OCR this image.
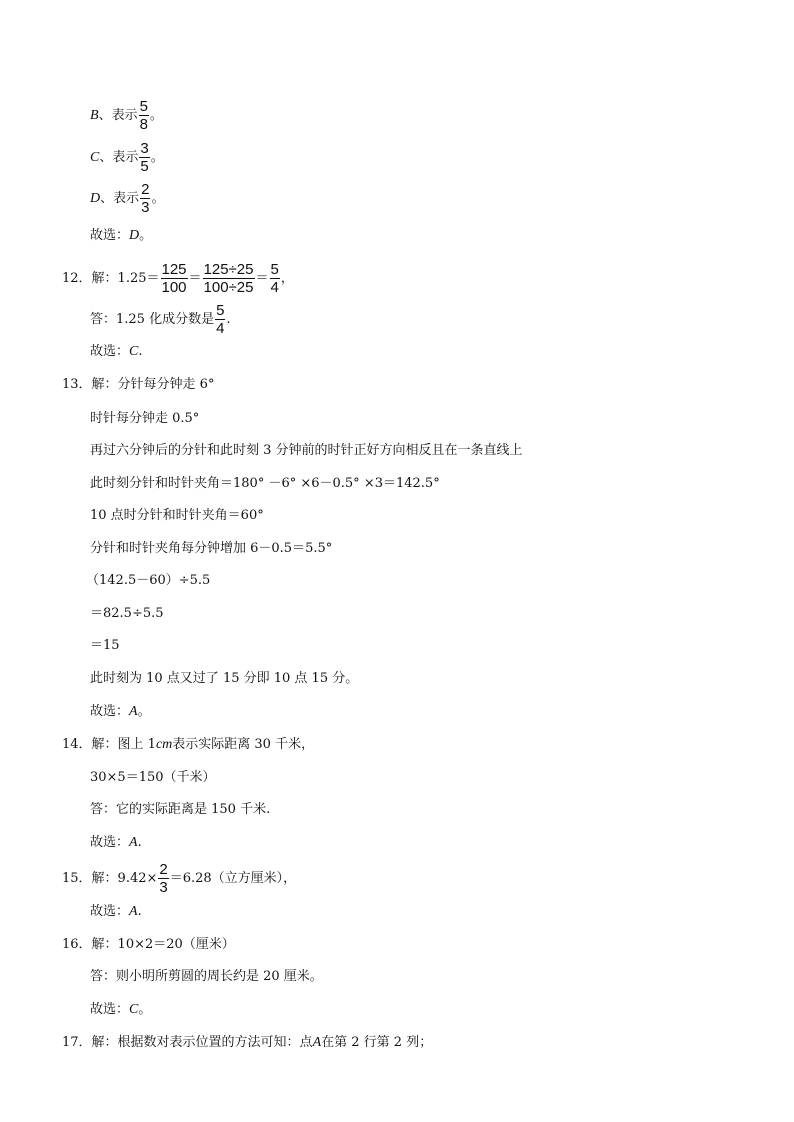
B 、表示 $\frac{5}{8}$ 。
C 、表示 $\frac{3}{5}$ 。
D 、表示 $\frac{2}{3}$ 。
故选： D 。
12．解： $1.25= \frac{125}{100} = \frac{125\div 25}{100\div 25} = \frac{5}{4}$ ，
答：1.25 化成分数是 $\frac{5}{4}$ .
故选： C .
13．解： 分针每分钟走 6°
时针每分钟走 0.5°
再过六分钟后的分针和此时刻 3 分钟前的时针正好方向相反且在一条直线上
此时刻分针和时针夹角＝180° －6° ×6－0.5° ×3＝142.5°
10 点时分针和时针夹角＝60°
分针和时针夹角每分钟增加 6－0.5＝5.5°
（142.5－60）÷5.5
＝82.5÷5.5
＝15
此时刻为 10 点又过了 15 分即 10 点 15 分。
故选： A 。
14．解： 图上 1 cm 表示实际距离 30 千米，
30×5＝150（千米）
答：它的实际距离是 150 千米.
故选： A .
15．解： $9.42\times \frac{2}{3} =6.28$（立方厘米），
故选： A .
16．解： 10×2＝20（厘米）
答：则小明所剪圆的周长约是 20 厘米。
故选： C 。
17．解： 根据数对表示位置的方法可知：点 A 在第 2 行第 2 列；
